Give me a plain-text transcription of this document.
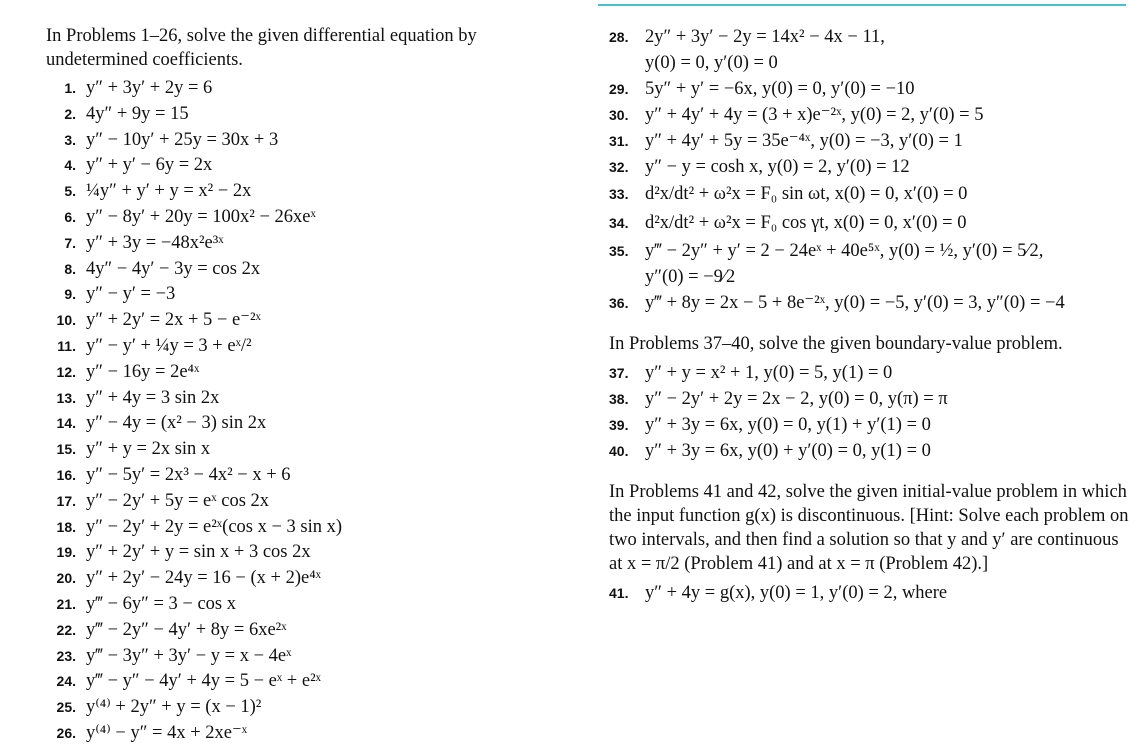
In Problems 1–26, solve the given differential equation by undetermined coefficients.

1. y″ + 3y′ + 2y = 6
2. 4y″ + 9y = 15
3. y″ − 10y′ + 25y = 30x + 3
4. y″ + y′ − 6y = 2x
5. ¼y″ + y′ + y = x² − 2x
6. y″ − 8y′ + 20y = 100x² − 26xeˣ
7. y″ + 3y = −48x²e³ˣ
8. 4y″ − 4y′ − 3y = cos 2x
9. y″ − y′ = −3
10. y″ + 2y′ = 2x + 5 − e⁻²ˣ
11. y″ − y′ + ¼y = 3 + eˣ/²
12. y″ − 16y = 2e⁴ˣ
13. y″ + 4y = 3 sin 2x
14. y″ − 4y = (x² − 3) sin 2x
15. y″ + y = 2x sin x
16. y″ − 5y′ = 2x³ − 4x² − x + 6
17. y″ − 2y′ + 5y = eˣ cos 2x
18. y″ − 2y′ + 2y = e²ˣ(cos x − 3 sin x)
19. y″ + 2y′ + y = sin x + 3 cos 2x
20. y″ + 2y′ − 24y = 16 − (x + 2)e⁴ˣ
21. y‴ − 6y″ = 3 − cos x
22. y‴ − 2y″ − 4y′ + 8y = 6xe²ˣ
23. y‴ − 3y″ + 3y′ − y = x − 4eˣ
24. y‴ − y″ − 4y′ + 4y = 5 − eˣ + e²ˣ
25. y⁽⁴⁾ + 2y″ + y = (x − 1)²
26. y⁽⁴⁾ − y″ = 4x + 2xe⁻ˣ
28. 2y″ + 3y′ − 2y = 14x² − 4x − 11,
y(0) = 0, y′(0) = 0
29. 5y″ + y′ = −6x, y(0) = 0, y′(0) = −10
30. y″ + 4y′ + 4y = (3 + x)e⁻²ˣ, y(0) = 2, y′(0) = 5
31. y″ + 4y′ + 5y = 35e⁻⁴ˣ, y(0) = −3, y′(0) = 1
32. y″ − y = cosh x, y(0) = 2, y′(0) = 12
33. d²x/dt² + ω²x = F₀ sin ωt, x(0) = 0, x′(0) = 0
34. d²x/dt² + ω²x = F₀ cos γt, x(0) = 0, x′(0) = 0
35. y‴ − 2y″ + y′ = 2 − 24eˣ + 40e⁵ˣ, y(0) = ½, y′(0) = 5⁄2,
y″(0) = −9⁄2
36. y‴ + 8y = 2x − 5 + 8e⁻²ˣ, y(0) = −5, y′(0) = 3, y″(0) = −4

In Problems 37–40, solve the given boundary-value problem.

37. y″ + y = x² + 1, y(0) = 5, y(1) = 0
38. y″ − 2y′ + 2y = 2x − 2, y(0) = 0, y(π) = π
39. y″ + 3y = 6x, y(0) = 0, y(1) + y′(1) = 0
40. y″ + 3y = 6x, y(0) + y′(0) = 0, y(1) = 0

In Problems 41 and 42, solve the given initial-value problem in which the input function g(x) is discontinuous. [Hint: Solve each problem on two intervals, and then find a solution so that y and y′ are continuous at x = π/2 (Problem 41) and at x = π (Problem 42).]

41. y″ + 4y = g(x), y(0) = 1, y′(0) = 2, where
